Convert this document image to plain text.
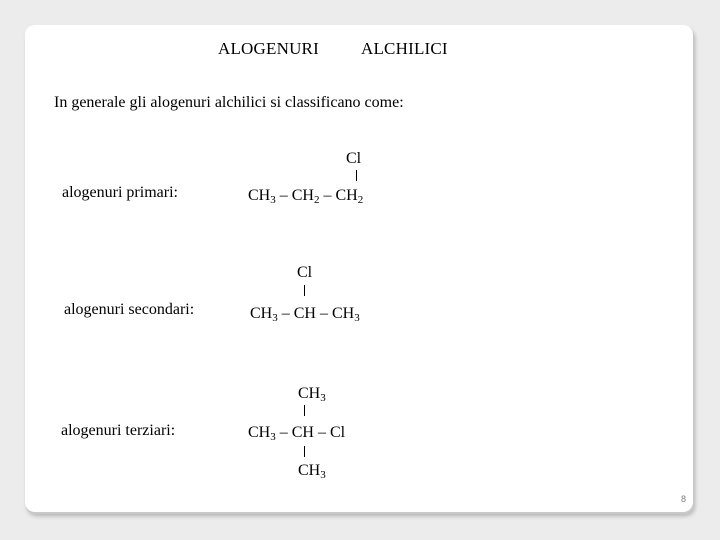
ALOGENURI ALCHILICI
In generale gli alogenuri alchilici si classificano come:
alogenuri primari:
Cl
$CH_3 - CH_2 - CH_2$
alogenuri secondari:
Cl
$CH_3$ – CH – $CH_3$
alogenuri terziari:
$CH_3$
$CH_3$ – CH – Cl
$CH_3$
8
